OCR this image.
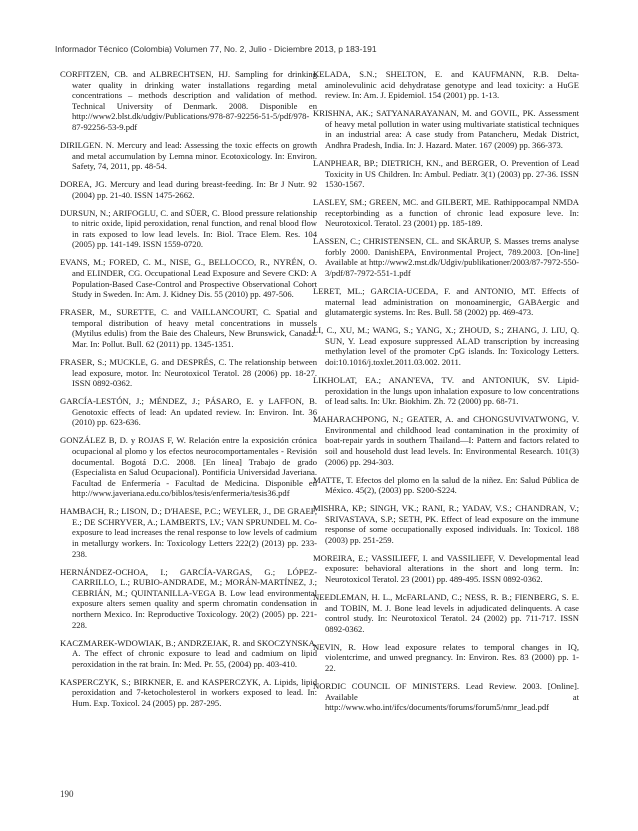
Informador Técnico (Colombia) Volumen 77, No. 2, Julio - Diciembre 2013, p 183-191

CORFITZEN, CB. and ALBRECHTSEN, HJ. Sampling for drinking water quality in drinking water installations regarding metal concentrations – methods description and validation of method. Technical University of Denmark. 2008. Disponible en http://www2.blst.dk/udgiv/Publications/978-87-92256-51-5/pdf/978-87-92256-53-9.pdf

DIRILGEN. N. Mercury and lead: Assessing the toxic effects on growth and metal accumulation by Lemna minor. Ecotoxicology. In: Environ. Safety, 74, 2011, pp. 48-54.

DOREA, JG. Mercury and lead during breast-feeding. In: Br J Nutr. 92 (2004) pp. 21-40. ISSN 1475-2662.

DURSUN, N.; ARIFOGLU, C. and SÜER, C. Blood pressure relationship to nitric oxide, lipid peroxidation, renal function, and renal blood flow in rats exposed to low lead levels. In: Biol. Trace Elem. Res. 104 (2005) pp. 141-149. ISSN 1559-0720.

EVANS, M.; FORED, C. M., NISE, G., BELLOCCO, R., NYRÉN, O. and ELINDER, CG. Occupational Lead Exposure and Severe CKD: A Population-Based Case-Control and Prospective Observational Cohort Study in Sweden. In: Am. J. Kidney Dis. 55 (2010) pp. 497-506.

FRASER, M., SURETTE, C. and VAILLANCOURT, C. Spatial and temporal distribution of heavy metal concentrations in mussels (Mytilus edulis) from the Baie des Chaleurs, New Brunswick, Canada. Mar. In: Pollut. Bull. 62 (2011) pp. 1345-1351.

FRASER, S.; MUCKLE, G. and DESPRÉS, C. The relationship between lead exposure, motor. In: Neurotoxicol Teratol. 28 (2006) pp. 18-27. ISSN 0892-0362.

GARCÍA-LESTÓN, J.; MÉNDEZ, J.; PÁSARO, E. y LAFFON, B. Genotoxic effects of lead: An updated review. In: Environ. Int. 36 (2010) pp. 623-636.

GONZÁLEZ B, D. y ROJAS F, W. Relación entre la exposición crónica ocupacional al plomo y los efectos neurocomportamentales - Revisión documental. Bogotá D.C. 2008. [En línea] Trabajo de grado (Especialista en Salud Ocupacional). Pontificia Universidad Javeriana. Facultad de Enfermería - Facultad de Medicina. Disponible en http://www.javeriana.edu.co/biblos/tesis/enfermeria/tesis36.pdf

HAMBACH, R.; LISON, D.; D'HAESE, P.C.; WEYLER, J., DE GRAEF, E.; DE SCHRYVER, A.; LAMBERTS, LV.; VAN SPRUNDEL M. Co-exposure to lead increases the renal response to low levels of cadmium in metallurgy workers. In: Toxicology Letters 222(2) (2013) pp. 233-238.

HERNÁNDEZ-OCHOA, I.; GARCÍA-VARGAS, G.; LÓPEZ-CARRILLO, L.; RUBIO-ANDRADE, M.; MORÁN-MARTÍNEZ, J.; CEBRIÁN, M.; QUINTANILLA-VEGA B. Low lead environmental exposure alters semen quality and sperm chromatin condensation in northern Mexico. In: Reproductive Toxicology. 20(2) (2005) pp. 221-228.

KACZMAREK-WDOWIAK, B.; ANDRZEJAK, R. and SKOCZYNSKA, A. The effect of chronic exposure to lead and cadmium on lipid peroxidation in the rat brain. In: Med. Pr. 55, (2004) pp. 403-410.

KASPERCZYK, S.; BIRKNER, E. and KASPERCZYK, A. Lipids, lipid peroxidation and 7-ketocholesterol in workers exposed to lead. In: Hum. Exp. Toxicol. 24 (2005) pp. 287-295.

KELADA, S.N.; SHELTON, E. and KAUFMANN, R.B. Delta-aminolevulinic acid dehydratase genotype and lead toxicity: a HuGE review. In: Am. J. Epidemiol. 154 (2001) pp. 1-13.

KRISHNA, AK.; SATYANARAYANAN, M. and GOVIL, PK. Assessment of heavy metal pollution in water using multivariate statistical techniques in an industrial area: A case study from Patancheru, Medak District, Andhra Pradesh, India. In: J. Hazard. Mater. 167 (2009) pp. 366-373.

LANPHEAR, BP.; DIETRICH, KN., and BERGER, O. Prevention of Lead Toxicity in US Children. In: Ambul. Pediatr. 3(1) (2003) pp. 27-36. ISSN 1530-1567.

LASLEY, SM.; GREEN, MC. and GILBERT, ME. Rathippocampal NMDA receptorbinding as a function of chronic lead exposure leve. In: Neurotoxicol. Teratol. 23 (2001) pp. 185-189.

LASSEN, C.; CHRISTENSEN, CL. and SKÅRUP, S. Masses trems analyse forbly 2000. DanishEPA, Environmental Project, 789.2003. [On-line] Available at http://www2.mst.dk/Udgiv/publikationer/2003/87-7972-550-3/pdf/87-7972-551-1.pdf

LERET, ML.; GARCIA-UCEDA, F. and ANTONIO, MT. Effects of maternal lead administration on monoaminergic, GABAergic and glutamatergic systems. In: Res. Bull. 58 (2002) pp. 469-473.

LI, C., XU, M.; WANG, S.; YANG, X.; ZHOUD, S.; ZHANG, J. LIU, Q. SUN, Y. Lead exposure suppressed ALAD transcription by increasing methylation level of the promoter CpG islands. In: Toxicology Letters. doi:10.1016/j.toxlet.2011.03.002. 2011.

LIKHOLAT, EA.; ANAN'EVA, TV. and ANTONIUK, SV. Lipid-peroxidation in the lungs upon inhalation exposure to low concentrations of lead salts. In: Ukr. Biokhim. Zh. 72 (2000) pp. 68-71.

MAHARACHPONG, N.; GEATER, A. and CHONGSUVIVATWONG, V. Environmental and childhood lead contamination in the proximity of boat-repair yards in southern Thailand—I: Pattern and factors related to soil and household dust lead levels. In: Environmental Research. 101(3) (2006) pp. 294-303.

MATTE, T. Efectos del plomo en la salud de la niñez. En: Salud Pública de México. 45(2), (2003) pp. S200-S224.

MISHRA, KP.; SINGH, VK.; RANI, R.; YADAV, V.S.; CHANDRAN, V.; SRIVASTAVA, S.P.; SETH, PK. Effect of lead exposure on the immune response of some occupationally exposed individuals. In: Toxicol. 188 (2003) pp. 251-259.

MOREIRA, E.; VASSILIEFF, I. and VASSILIEFF, V. Developmental lead exposure: behavioral alterations in the short and long term. In: Neurotoxicol Teratol. 23 (2001) pp. 489-495. ISSN 0892-0362.

NEEDLEMAN, H. L., McFARLAND, C.; NESS, R. B.; FIENBERG, S. E. and TOBIN, M. J. Bone lead levels in adjudicated delinquents. A case control study. In: Neurotoxicol Teratol. 24 (2002) pp. 711-717. ISSN 0892-0362.

NEVIN, R. How lead exposure relates to temporal changes in IQ, violentcrime, and unwed pregnancy. In: Environ. Res. 83 (2000) pp. 1-22.

NORDIC COUNCIL OF MINISTERS. Lead Review. 2003. [Online]. Available at http://www.who.int/ifcs/documents/forums/forum5/nmr_lead.pdf

190
